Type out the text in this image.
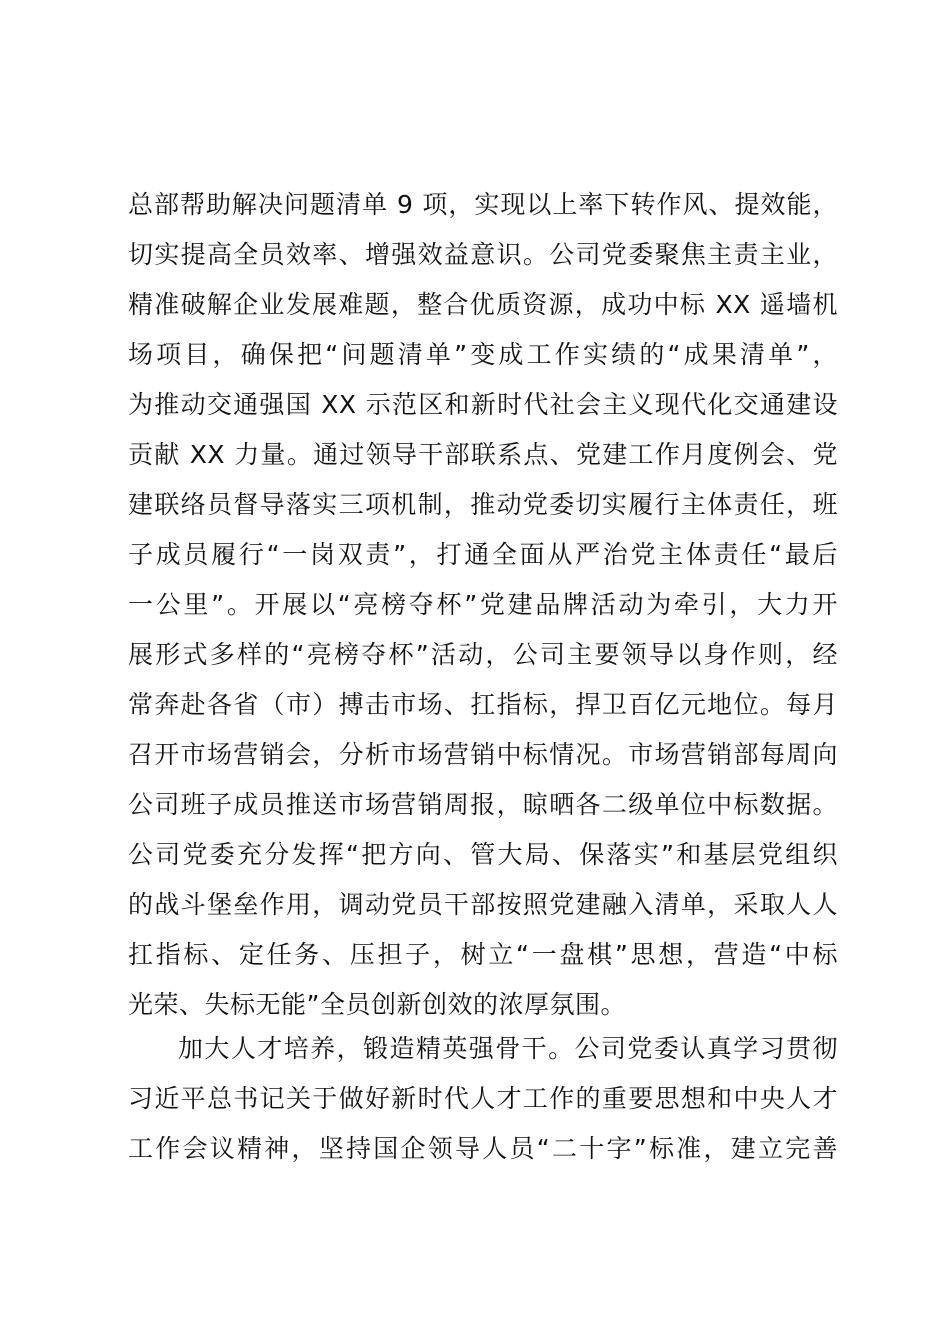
总部帮助解决问题清单 9 项，实现以上率下转作风、提效能，
切实提高全员效率、增强效益意识。公司党委聚焦主责主业，
精准破解企业发展难题，整合优质资源，成功中标 XX 遥墙机
场项目，确保把“问题清单”变成工作实绩的“成果清单”，
为推动交通强国 XX 示范区和新时代社会主义现代化交通建设
贡献 XX 力量。通过领导干部联系点、党建工作月度例会、党
建联络员督导落实三项机制，推动党委切实履行主体责任，班
子成员履行“一岗双责”，打通全面从严治党主体责任“最后
一公里”。开展以“亮榜夺杯”党建品牌活动为牵引，大力开
展形式多样的“亮榜夺杯”活动，公司主要领导以身作则，经
常奔赴各省（市）搏击市场、扛指标，捍卫百亿元地位。每月
召开市场营销会，分析市场营销中标情况。市场营销部每周向
公司班子成员推送市场营销周报，晾晒各二级单位中标数据。
公司党委充分发挥“把方向、管大局、保落实”和基层党组织
的战斗堡垒作用，调动党员干部按照党建融入清单，采取人人
扛指标、定任务、压担子，树立“一盘棋”思想，营造“中标
光荣、失标无能”全员创新创效的浓厚氛围。
加大人才培养，锻造精英强骨干。公司党委认真学习贯彻
习近平总书记关于做好新时代人才工作的重要思想和中央人才
工作会议精神，坚持国企领导人员“二十字”标准，建立完善
